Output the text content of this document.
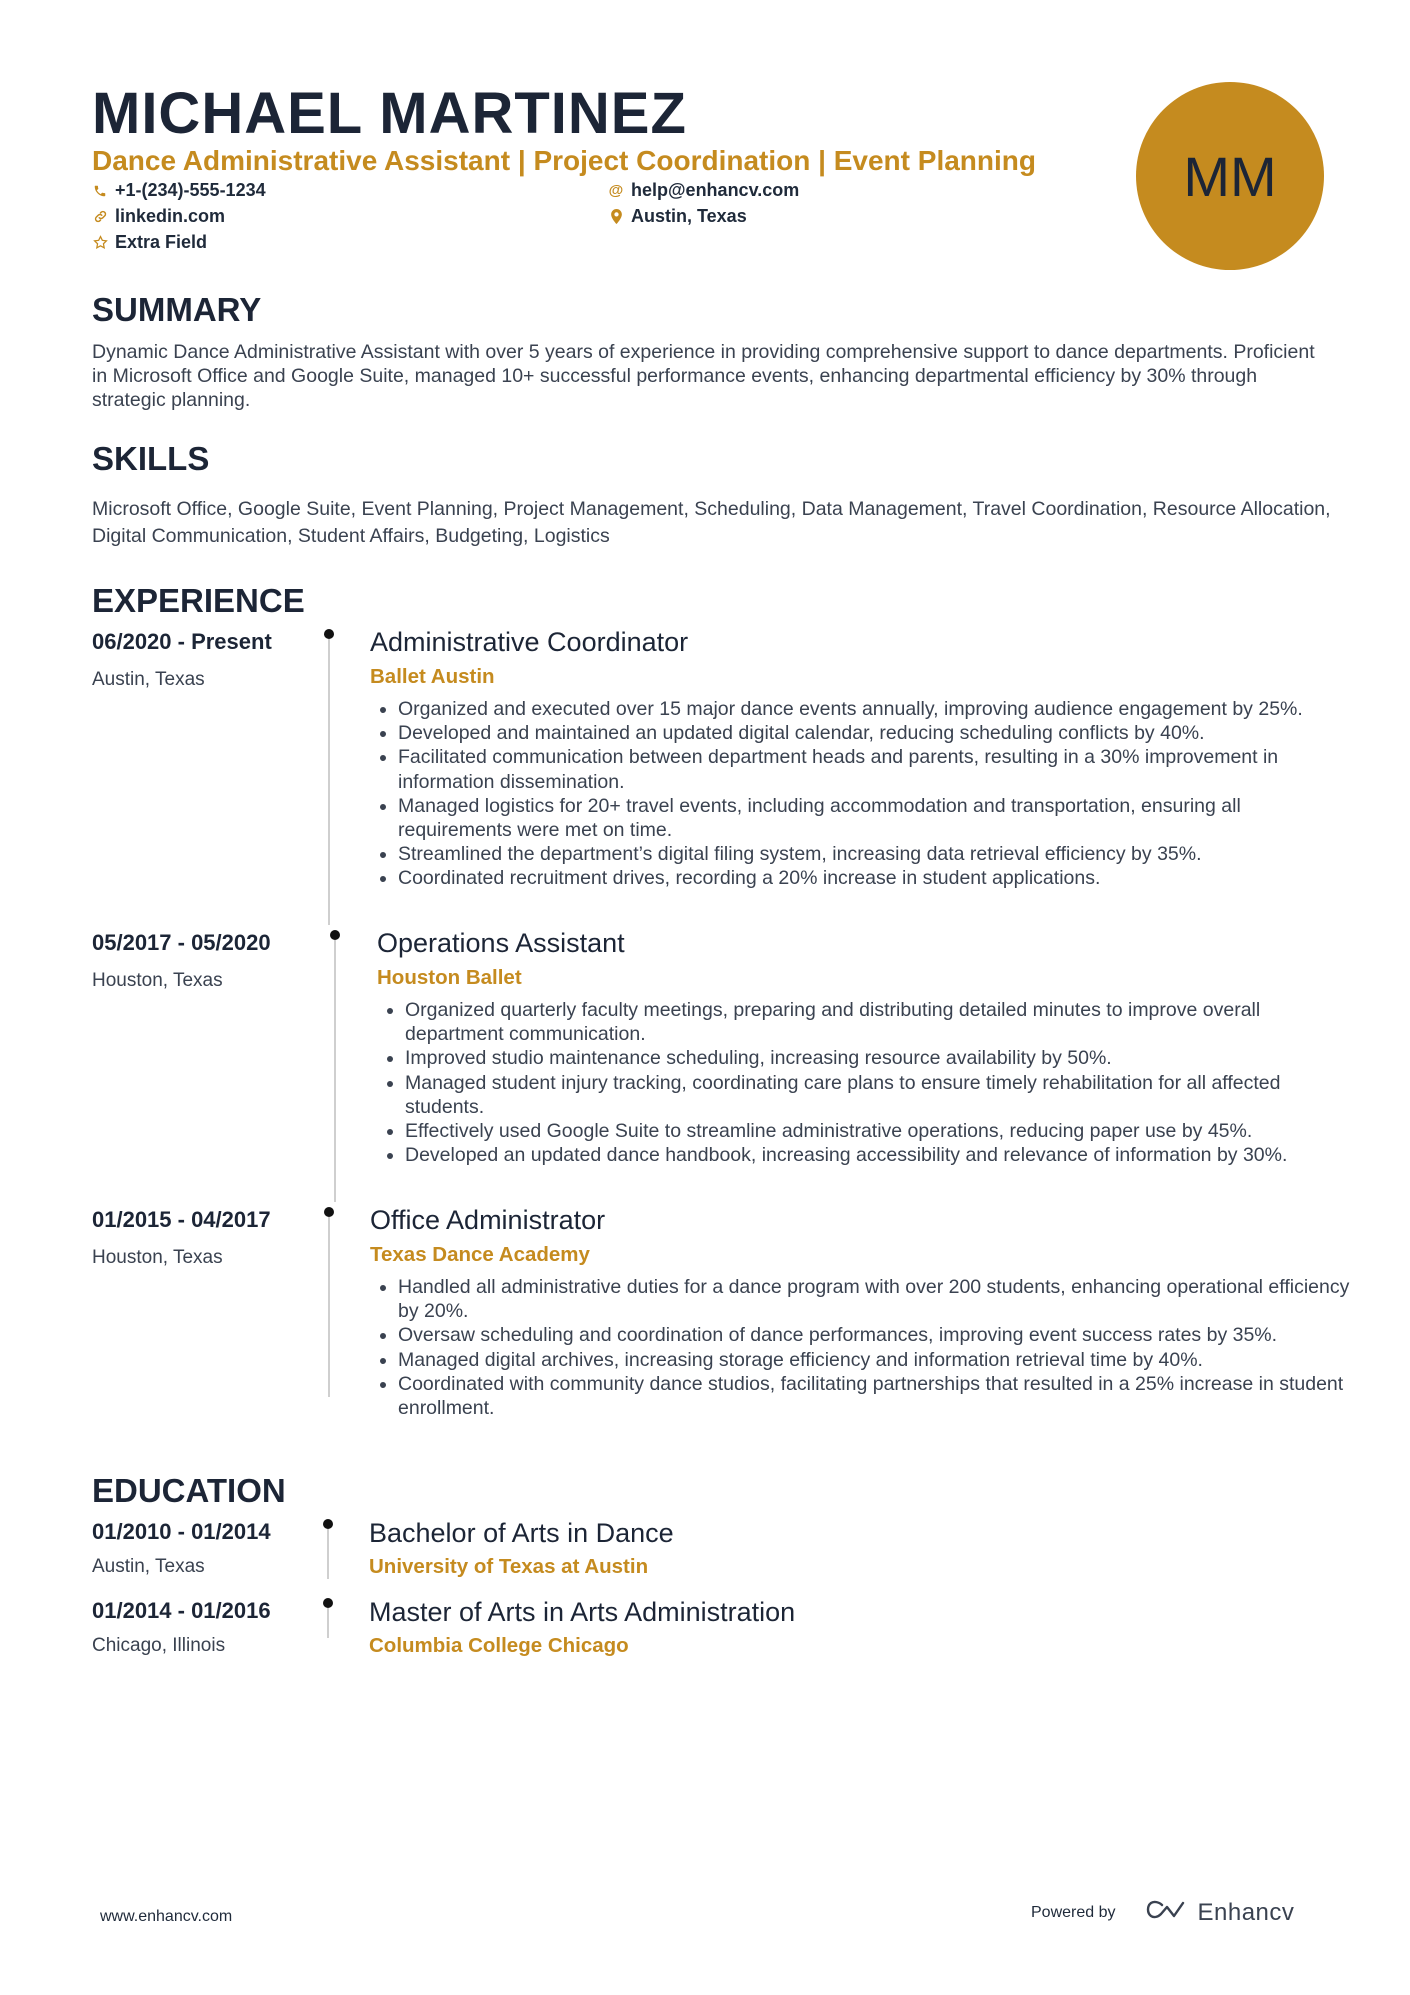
MICHAEL MARTINEZ
Dance Administrative Assistant | Project Coordination | Event Planning	MM
+1-(234)-555-1234	@ help@enhancv.com
linkedin.com	Austin, Texas
Extra Field
SUMMARY

Dynamic Dance Administrative Assistant with over 5 years of experience in providing comprehensive support to dance departments. Proficient in Microsoft Office and Google Suite, managed 10+ successful performance events, enhancing departmental efficiency by 30% through strategic planning.

SKILLS

Microsoft Office, Google Suite, Event Planning, Project Management, Scheduling, Data Management, Travel Coordination, Resource Allocation, Digital Communication, Student Affairs, Budgeting, Logistics

EXPERIENCE
06/2020 - Present
Austin, Texas
Administrative Coordinator
Ballet Austin
• Organized and executed over 15 major dance events annually, improving audience engagement by 25%.
• Developed and maintained an updated digital calendar, reducing scheduling conflicts by 40%.
• Facilitated communication between department heads and parents, resulting in a 30% improvement in information dissemination.
• Managed logistics for 20+ travel events, including accommodation and transportation, ensuring all requirements were met on time.
• Streamlined the department’s digital filing system, increasing data retrieval efficiency by 35%.
• Coordinated recruitment drives, recording a 20% increase in student applications.
05/2017 - 05/2020
Houston, Texas
Operations Assistant
Houston Ballet
• Organized quarterly faculty meetings, preparing and distributing detailed minutes to improve overall department communication.
• Improved studio maintenance scheduling, increasing resource availability by 50%.
• Managed student injury tracking, coordinating care plans to ensure timely rehabilitation for all affected students.
• Effectively used Google Suite to streamline administrative operations, reducing paper use by 45%.
• Developed an updated dance handbook, increasing accessibility and relevance of information by 30%.
01/2015 - 04/2017
Houston, Texas
Office Administrator
Texas Dance Academy
• Handled all administrative duties for a dance program with over 200 students, enhancing operational efficiency by 20%.
• Oversaw scheduling and coordination of dance performances, improving event success rates by 35%.
• Managed digital archives, increasing storage efficiency and information retrieval time by 40%.
• Coordinated with community dance studios, facilitating partnerships that resulted in a 25% increase in student enrollment.
EDUCATION
01/2010 - 01/2014
Austin, Texas
Bachelor of Arts in Dance
University of Texas at Austin
01/2014 - 01/2016
Chicago, Illinois
Master of Arts in Arts Administration
Columbia College Chicago
www.enhancv.com	Powered by	Enhancv
